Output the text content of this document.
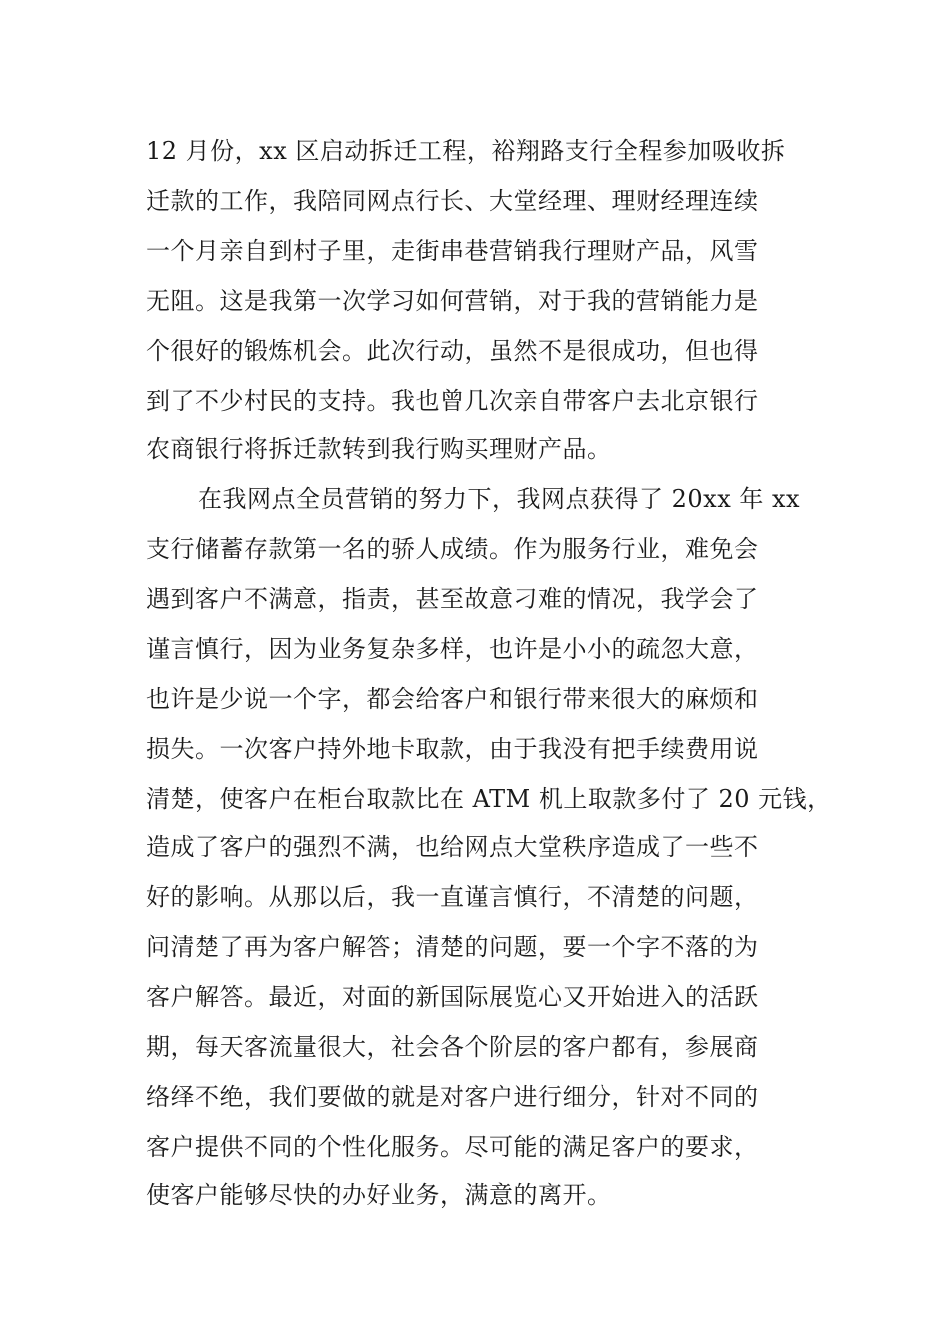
12 月份，xx 区启动拆迁工程，裕翔路支行全程参加吸收拆
迁款的工作，我陪同网点行长、大堂经理、理财经理连续
一个月亲自到村子里，走街串巷营销我行理财产品，风雪
无阻。这是我第一次学习如何营销，对于我的营销能力是
个很好的锻炼机会。此次行动，虽然不是很成功，但也得
到了不少村民的支持。我也曾几次亲自带客户去北京银行
农商银行将拆迁款转到我行购买理财产品。
在我网点全员营销的努力下，我网点获得了 20xx 年 xx
支行储蓄存款第一名的骄人成绩。作为服务行业，难免会
遇到客户不满意，指责，甚至故意刁难的情况，我学会了
谨言慎行，因为业务复杂多样，也许是小小的疏忽大意，
也许是少说一个字，都会给客户和银行带来很大的麻烦和
损失。一次客户持外地卡取款，由于我没有把手续费用说
清楚，使客户在柜台取款比在 ATM 机上取款多付了 20 元钱，
造成了客户的强烈不满，也给网点大堂秩序造成了一些不
好的影响。从那以后，我一直谨言慎行，不清楚的问题，
问清楚了再为客户解答；清楚的问题，要一个字不落的为
客户解答。最近，对面的新国际展览心又开始进入的活跃
期，每天客流量很大，社会各个阶层的客户都有，参展商
络绎不绝，我们要做的就是对客户进行细分，针对不同的
客户提供不同的个性化服务。尽可能的满足客户的要求，
使客户能够尽快的办好业务，满意的离开。
